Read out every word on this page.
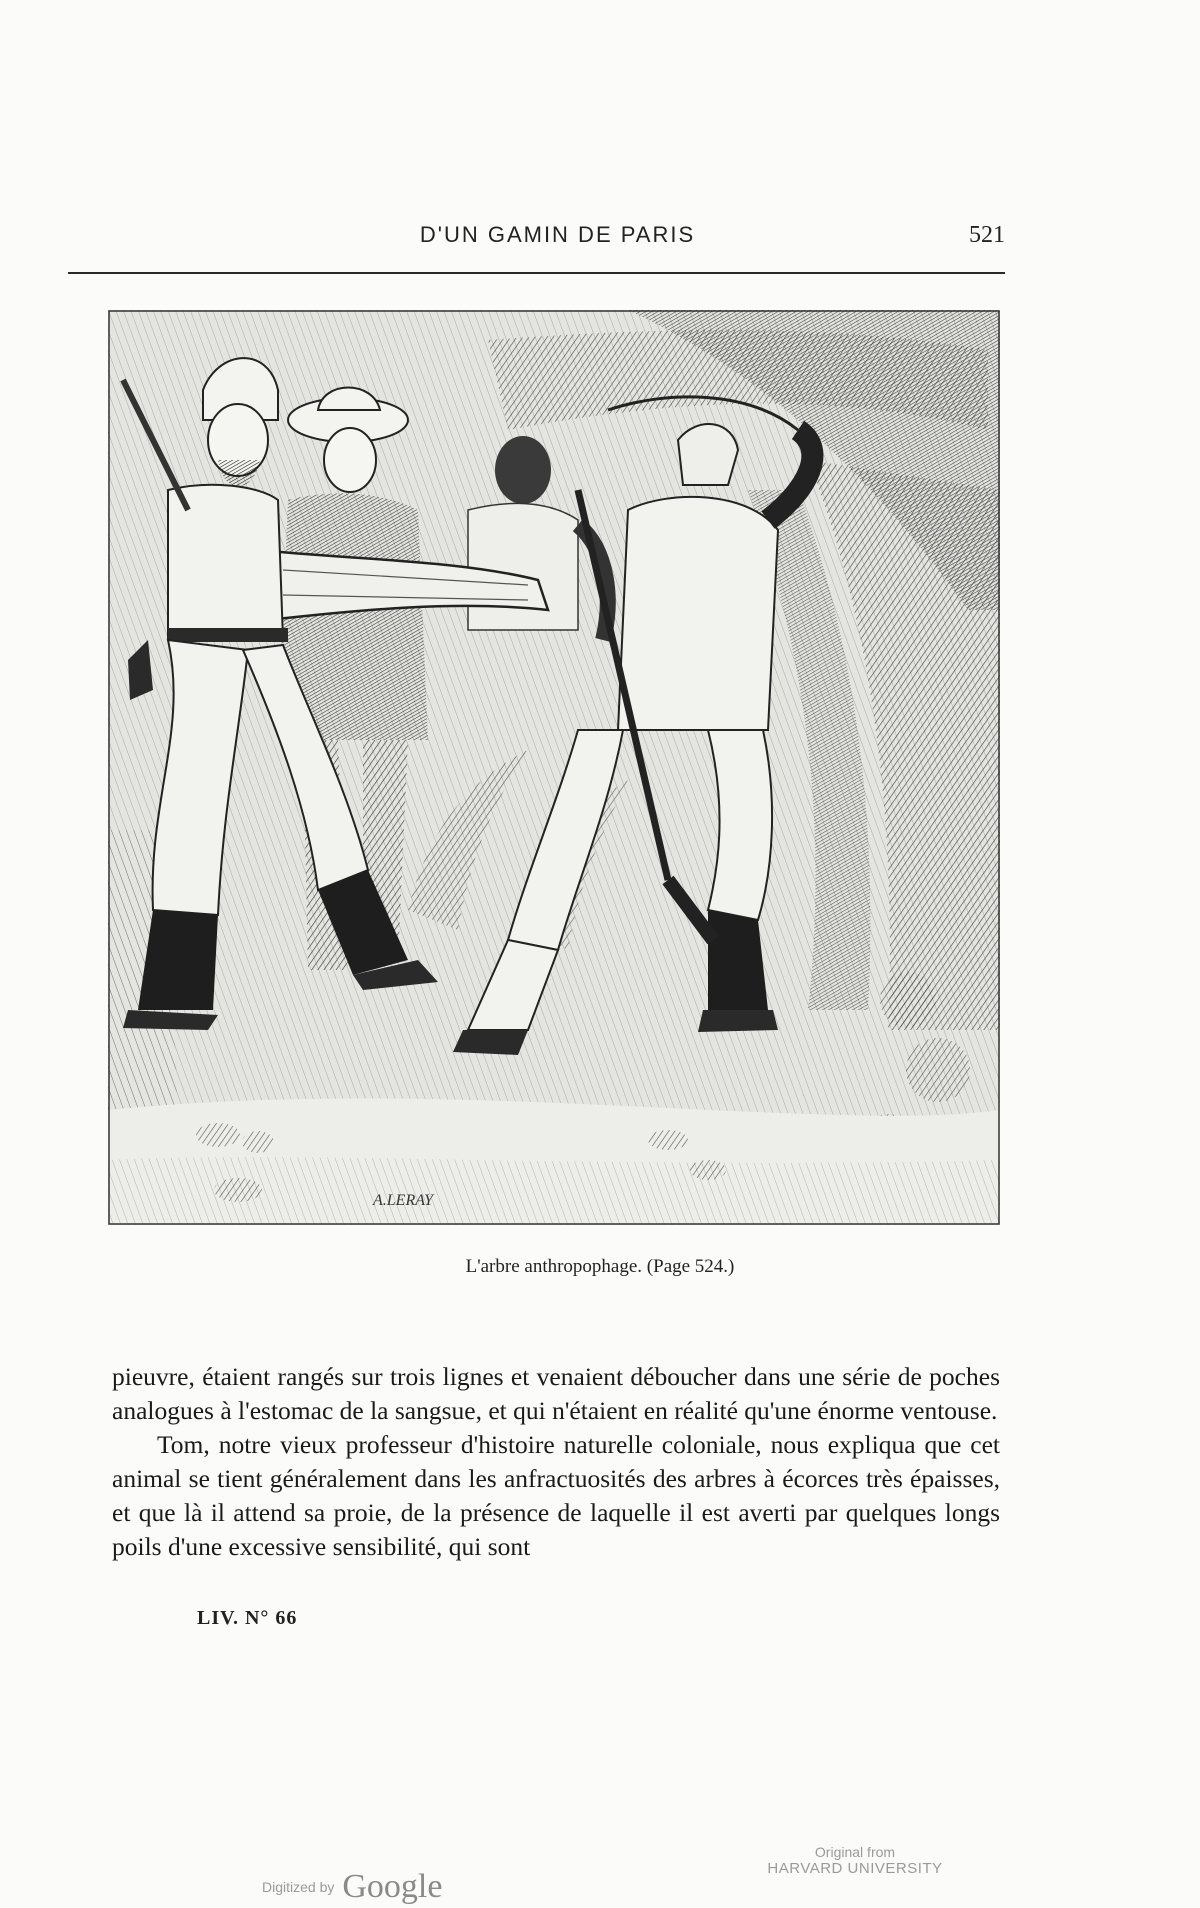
D'UN GAMIN DE PARIS	521
A.LERAY
L'arbre anthropophage. (Page 524.)

pieuvre, étaient rangés sur trois lignes et venaient déboucher dans une série de poches analogues à l'estomac de la sangsue, et qui n'étaient en réalité qu'une énorme ventouse.

Tom, notre vieux professeur d'histoire naturelle coloniale, nous expliqua que cet animal se tient généralement dans les anfractuosités des arbres à écorces très épaisses, et que là il attend sa proie, de la présence de laquelle il est averti par quelques longs poils d'une excessive sensibilité, qui sont

LIV. N° 66
Digitized by Google
Original from
HARVARD UNIVERSITY
